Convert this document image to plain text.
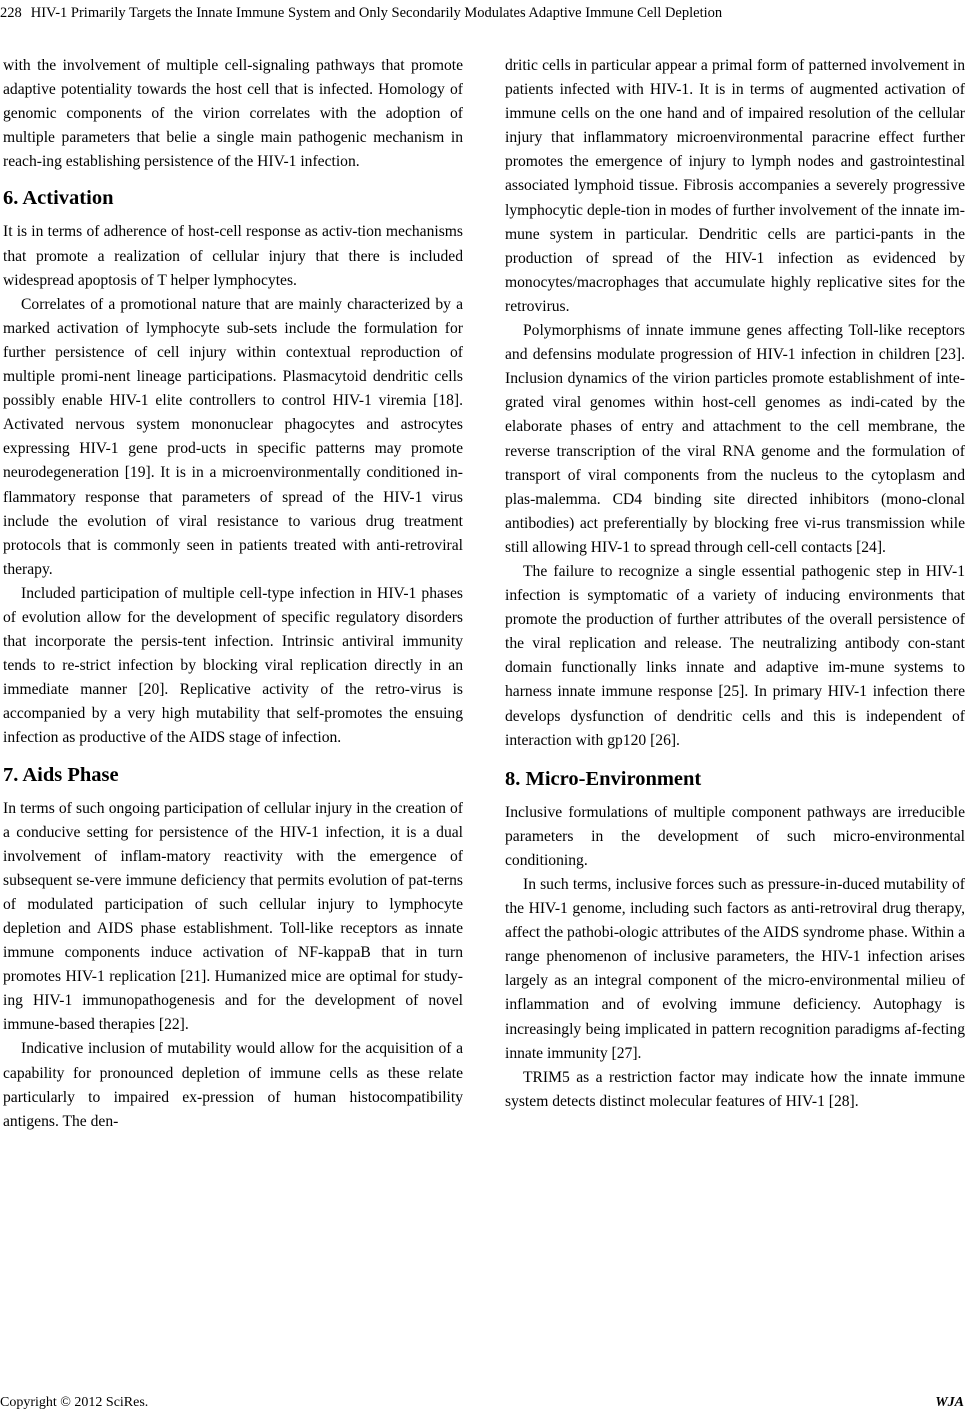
228 HIV-1 Primarily Targets the Innate Immune System and Only Secondarily Modulates Adaptive Immune Cell Depletion

with the involvement of multiple cell-signaling pathways that promote adaptive potentiality towards the host cell that is infected. Homology of genomic components of the virion correlates with the adoption of multiple parameters that belie a single main pathogenic mechanism in reach-ing establishing persistence of the HIV-1 infection.

6. Activation

It is in terms of adherence of host-cell response as activ-tion mechanisms that promote a realization of cellular injury that there is included widespread apoptosis of T helper lymphocytes.

Correlates of a promotional nature that are mainly characterized by a marked activation of lymphocyte sub-sets include the formulation for further persistence of cell injury within contextual reproduction of multiple promi-nent lineage participations. Plasmacytoid dendritic cells possibly enable HIV-1 elite controllers to control HIV-1 viremia [18]. Activated nervous system mononuclear phagocytes and astrocytes expressing HIV-1 gene prod-ucts in specific patterns may promote neurodegeneration [19]. It is in a microenvironmentally conditioned in-flammatory response that parameters of spread of the HIV-1 virus include the evolution of viral resistance to various drug treatment protocols that is commonly seen in patients treated with anti-retroviral therapy.

Included participation of multiple cell-type infection in HIV-1 phases of evolution allow for the development of specific regulatory disorders that incorporate the persis-tent infection. Intrinsic antiviral immunity tends to re-strict infection by blocking viral replication directly in an immediate manner [20]. Replicative activity of the retro-virus is accompanied by a very high mutability that self-promotes the ensuing infection as productive of the AIDS stage of infection.

7. Aids Phase

In terms of such ongoing participation of cellular injury in the creation of a conducive setting for persistence of the HIV-1 infection, it is a dual involvement of inflam-matory reactivity with the emergence of subsequent se-vere immune deficiency that permits evolution of pat-terns of modulated participation of such cellular injury to lymphocyte depletion and AIDS phase establishment. Toll-like receptors as innate immune components induce activation of NF-kappaB that in turn promotes HIV-1 replication [21]. Humanized mice are optimal for study-ing HIV-1 immunopathogenesis and for the development of novel immune-based therapies [22].

Indicative inclusion of mutability would allow for the acquisition of a capability for pronounced depletion of immune cells as these relate particularly to impaired ex-pression of human histocompatibility antigens. The den-

dritic cells in particular appear a primal form of patterned involvement in patients infected with HIV-1. It is in terms of augmented activation of immune cells on the one hand and of impaired resolution of the cellular injury that inflammatory microenvironmental paracrine effect further promotes the emergence of injury to lymph nodes and gastrointestinal associated lymphoid tissue. Fibrosis accompanies a severely progressive lymphocytic deple-tion in modes of further involvement of the innate im-mune system in particular. Dendritic cells are partici-pants in the production of spread of the HIV-1 infection as evidenced by monocytes/macrophages that accumulate highly replicative sites for the retrovirus.

Polymorphisms of innate immune genes affecting Toll-like receptors and defensins modulate progression of HIV-1 infection in children [23]. Inclusion dynamics of the virion particles promote establishment of inte-grated viral genomes within host-cell genomes as indi-cated by the elaborate phases of entry and attachment to the cell membrane, the reverse transcription of the viral RNA genome and the formulation of transport of viral components from the nucleus to the cytoplasm and plas-malemma. CD4 binding site directed inhibitors (mono-clonal antibodies) act preferentially by blocking free vi-rus transmission while still allowing HIV-1 to spread through cell-cell contacts [24].

The failure to recognize a single essential pathogenic step in HIV-1 infection is symptomatic of a variety of inducing environments that promote the production of further attributes of the overall persistence of the viral replication and release. The neutralizing antibody con-stant domain functionally links innate and adaptive im-mune systems to harness innate immune response [25]. In primary HIV-1 infection there develops dysfunction of dendritic cells and this is independent of interaction with gp120 [26].

8. Micro-Environment

Inclusive formulations of multiple component pathways are irreducible parameters in the development of such micro-environmental conditioning.

In such terms, inclusive forces such as pressure-in-duced mutability of the HIV-1 genome, including such factors as anti-retroviral drug therapy, affect the pathobi-ologic attributes of the AIDS syndrome phase. Within a range phenomenon of inclusive parameters, the HIV-1 infection arises largely as an integral component of the micro-environmental milieu of inflammation and of evolving immune deficiency. Autophagy is increasingly being implicated in pattern recognition paradigms af-fecting innate immunity [27].

TRIM5 as a restriction factor may indicate how the innate immune system detects distinct molecular features of HIV-1 [28].

Copyright © 2012 SciRes.	WJA
